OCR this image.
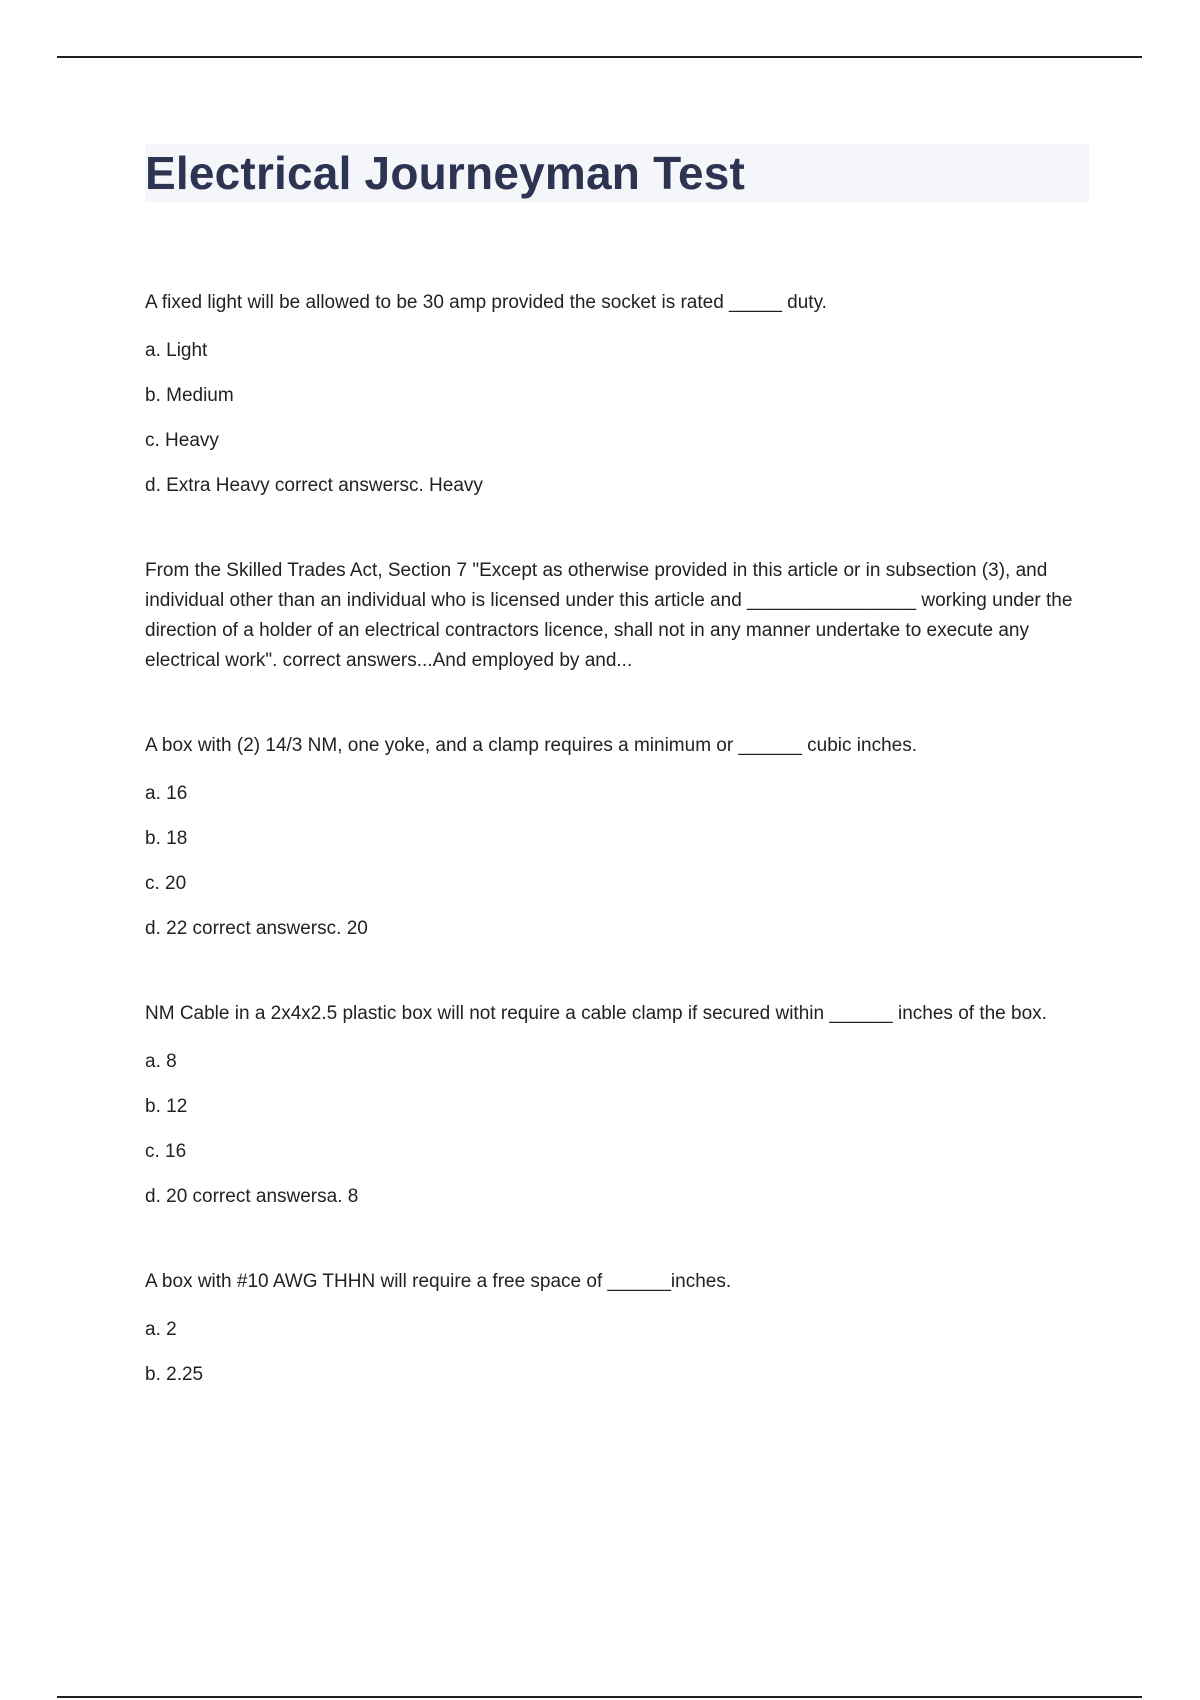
Electrical Journeyman Test

A fixed light will be allowed to be 30 amp provided the socket is rated _____ duty.

a. Light

b. Medium

c. Heavy

d. Extra Heavy correct answersc. Heavy

From the Skilled Trades Act, Section 7 "Except as otherwise provided in this article or in subsection (3), and individual other than an individual who is licensed under this article and ________________ working under the direction of a holder of an electrical contractors licence, shall not in any manner undertake to execute any electrical work". correct answers...And employed by and...

A box with (2) 14/3 NM, one yoke, and a clamp requires a minimum or ______ cubic inches.

a. 16

b. 18

c. 20

d. 22 correct answersc. 20

NM Cable in a 2x4x2.5 plastic box will not require a cable clamp if secured within ______ inches of the box.

a. 8

b. 12

c. 16

d. 20 correct answersa. 8

A box with #10 AWG THHN will require a free space of ______inches.

a. 2

b. 2.25
